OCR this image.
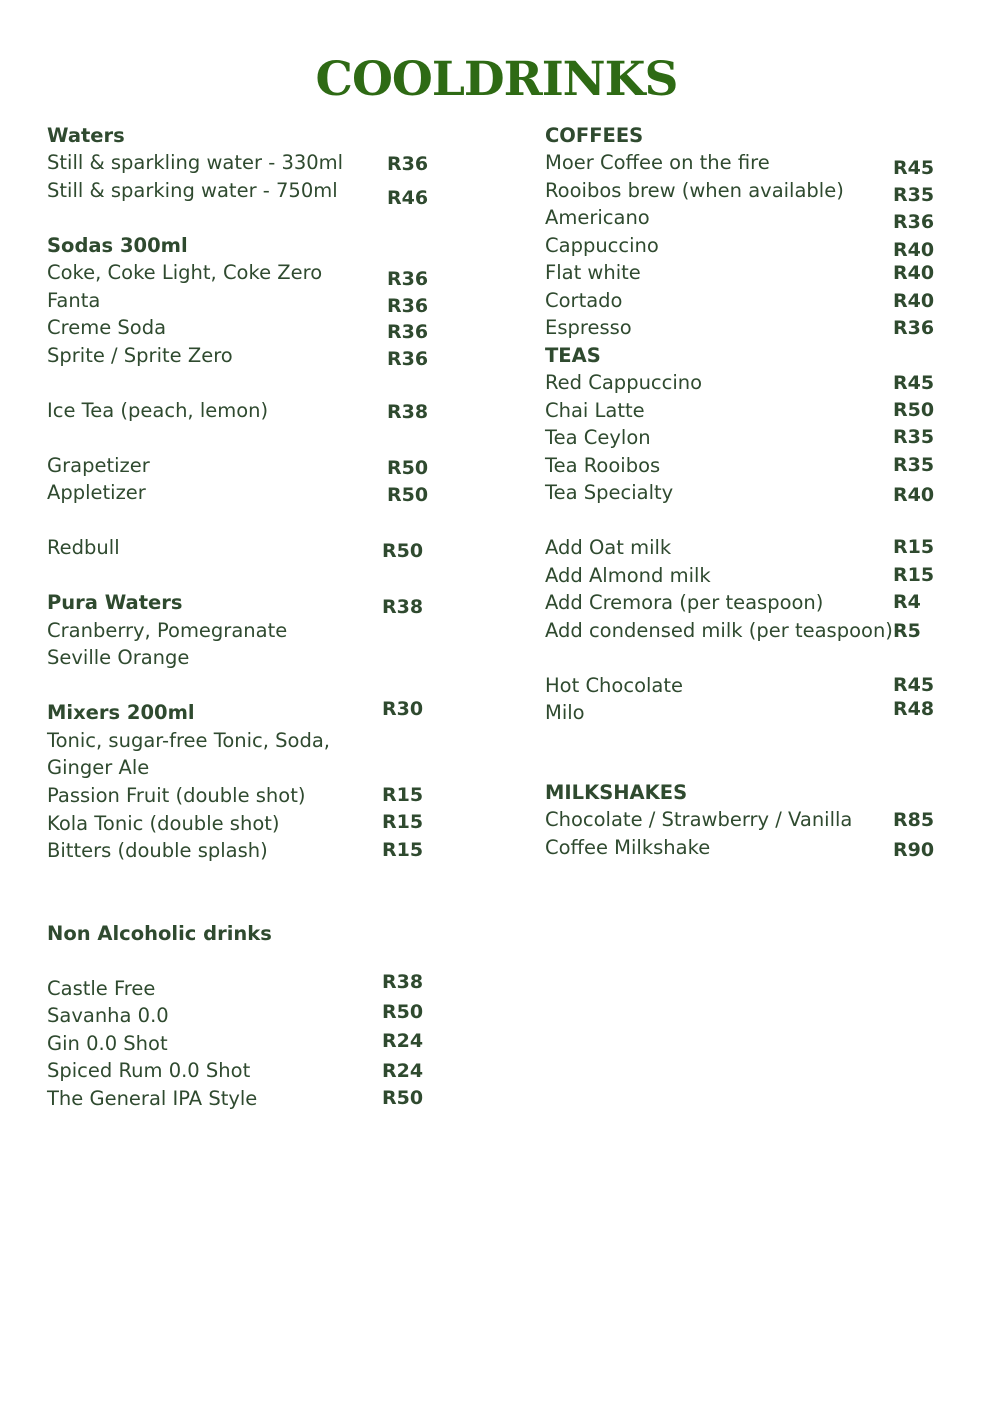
COOLDRINKS
Waters
Still & sparkling water - 330ml R36
Still & sparking water - 750ml	R46
Sodas 300ml
Coke, Coke Light, Coke Zero	R36
Fanta	R36
Creme Soda	R36
Sprite / Sprite Zero	R36
Ice Tea (peach, lemon)	R38
Grapetizer	R50
Appletizer	R50
Redbull	R50
Pura Waters	R38
Cranberry, Pomegranate
Seville Orange
Mixers 200ml	R30
Tonic, sugar-free Tonic, Soda,
Ginger Ale
Passion Fruit (double shot)	R15
Kola Tonic (double shot)	R15
Bitters (double splash)	R15
Non Alcoholic drinks
Castle Free	R38
Savanha 0.0	R50
Gin 0.0 Shot	R24
Spiced Rum 0.0 Shot	R24
The General IPA Style	R50
COFFEES
Moer Coffee on the fire	R45
Rooibos brew (when available)	R35
Americano	R36
Cappuccino	R40
Flat white	R40
Cortado	R40
Espresso	R36
TEAS
Red Cappuccino	R45
Chai Latte	R50
Tea Ceylon	R35
Tea Rooibos	R35
Tea Specialty	R40
Add Oat milk	R15
Add Almond milk	R15
Add Cremora (per teaspoon)	R4
Add condensed milk (per teaspoon) R5
Hot Chocolate	R45
Milo	R48
MILKSHAKES
Chocolate / Strawberry / Vanilla R85
Coffee Milkshake	R90
